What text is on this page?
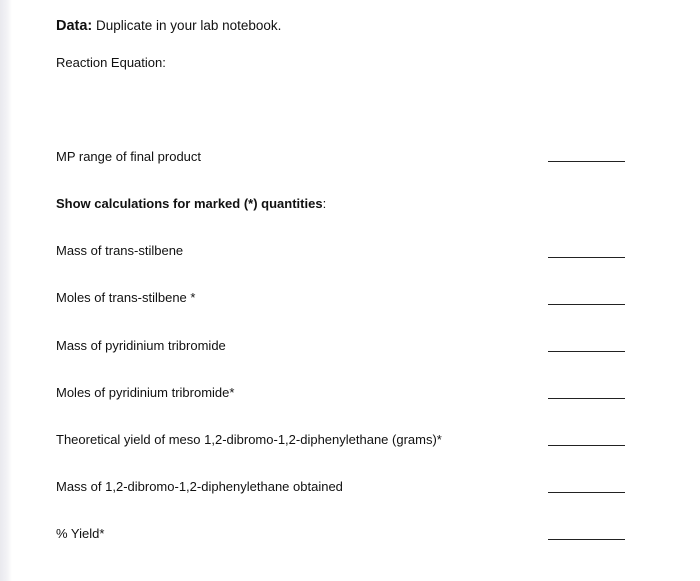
Data: Duplicate in your lab notebook.
Reaction Equation:
MP range of final product
Show calculations for marked (*) quantities:
Mass of trans-stilbene
Moles of trans-stilbene *
Mass of pyridinium tribromide
Moles of pyridinium tribromide*
Theoretical yield of meso 1,2-dibromo-1,2-diphenylethane (grams)*
Mass of 1,2-dibromo-1,2-diphenylethane obtained
% Yield*
